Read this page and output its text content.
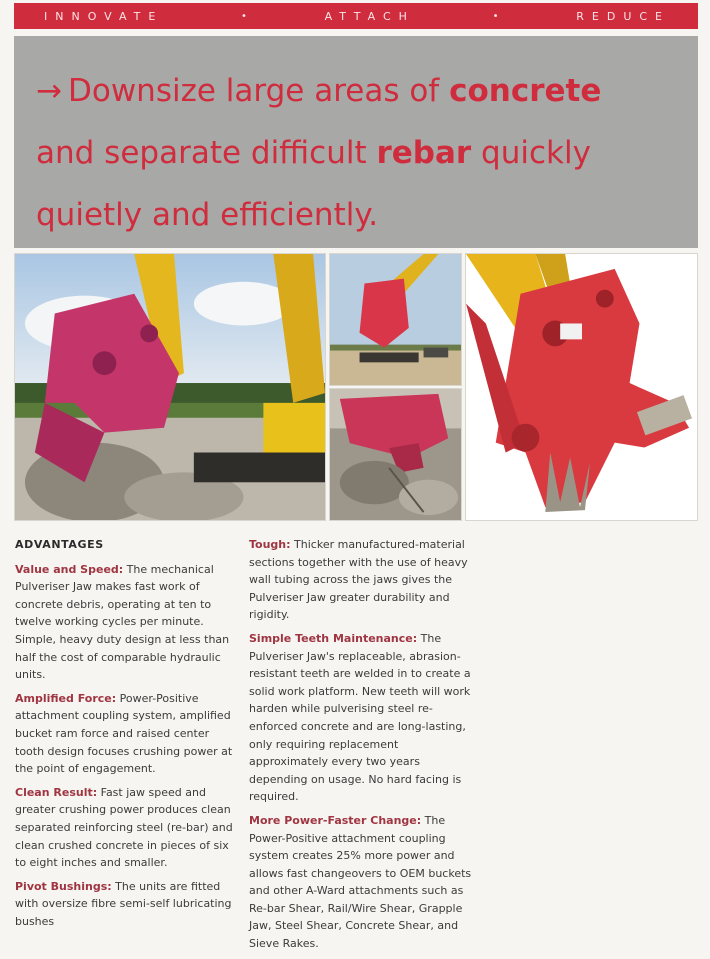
INNOVATE	•	ATTACH	•	REDUCE
→ Downsize large areas of concrete
and separate difficult rebar quickly
quietly and efficiently.
ADVANTAGES

Value and Speed: The mechanical Pulveriser Jaw makes fast work of concrete debris, operating at ten to twelve working cycles per minute. Simple, heavy duty design at less than half the cost of comparable hydraulic units.

Amplified Force: Power-Positive attachment coupling system, amplified bucket ram force and raised center tooth design focuses crushing power at the point of engagement.

Clean Result: Fast jaw speed and greater crushing power produces clean separated reinforcing steel (re-bar) and clean crushed concrete in pieces of six to eight inches and smaller.

Pivot Bushings: The units are fitted with oversize fibre semi-self lubricating bushes

Tough: Thicker manufactured-material sections together with the use of heavy wall tubing across the jaws gives the Pulveriser Jaw greater durability and rigidity.

Simple Teeth Maintenance: The Pulveriser Jaw's replaceable, abrasion-resistant teeth are welded in to create a solid work platform. New teeth will work harden while pulverising steel re-enforced concrete and are long-lasting, only requiring replacement approximately every two years depending on usage. No hard facing is required.

More Power-Faster Change: The Power-Positive attachment coupling system creates 25% more power and allows fast changeovers to OEM buckets and other A-Ward attachments such as Re-bar Shear, Rail/Wire Shear, Grapple Jaw, Steel Shear, Concrete Shear, and Sieve Rakes.
